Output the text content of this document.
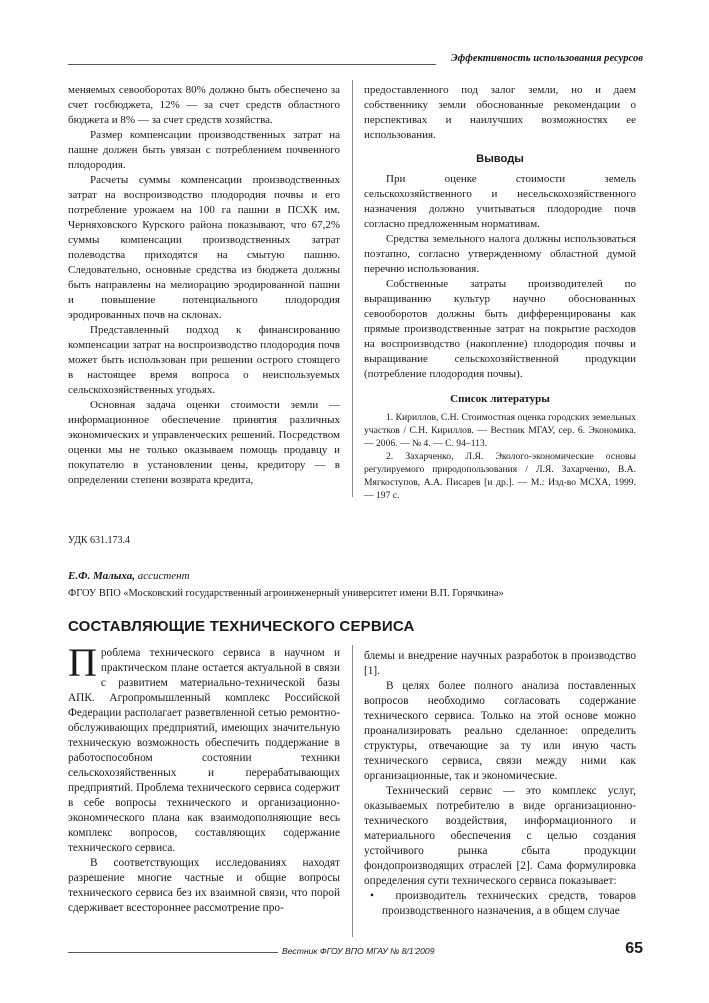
Эффективность использования ресурсов

меняемых севооборотах 80% должно быть обеспечено за счет госбюджета, 12% — за счет средств областного бюджета и 8% — за счет средств хозяйства.

Размер компенсации производственных затрат на пашне должен быть увязан с потреблением почвенного плодородия.

Расчеты суммы компенсации производственных затрат на воспроизводство плодородия почвы и его потребление урожаем на 100 га пашни в ПСХК им. Черняховского Курского района показывают, что 67,2% суммы компенсации производственных затрат полеводства приходятся на смытую пашню. Следовательно, основные средства из бюджета должны быть направлены на мелиорацию эродированной пашни и повышение потенциального плодородия эродированных почв на склонах.

Представленный подход к финансированию компенсации затрат на воспроизводство плодородия почв может быть использован при решении острого стоящего в настоящее время вопроса о неиспользуемых сельскохозяйственных угодьях.

Основная задача оценки стоимости земли — информационное обеспечение принятия различных экономических и управленческих решений. Посредством оценки мы не только оказываем помощь продавцу и покупателю в установлении цены, кредитору — в определении степени возврата кредита,

предоставленного под залог земли, но и даем собственнику земли обоснованные рекомендации о перспективах и наилучших возможностях ее использования.

Выводы

При оценке стоимости земель сельскохозяйственного и несельскохозяйственного назначения должно учитываться плодородие почв согласно предложенным нормативам.

Средства земельного налога должны использоваться поэтапно, согласно утвержденному областной думой перечню использования.

Собственные затраты производителей по выращиванию культур научно обоснованных севооборотов должны быть дифференцированы как прямые производственные затрат на покрытие расходов на воспроизводство (накопление) плодородия почвы и выращивание сельскохозяйственной продукции (потребление плодородия почвы).

Список литературы

1. Кириллов, С.Н. Стоимостная оценка городских земельных участков / С.Н. Кириллов. — Вестник МГАУ, сер. 6. Экономика. — 2006. — № 4. — С. 94–113.

2. Захарченко, Л.Я. Эколого-экономические основы регулируемого природопользования / Л.Я. Захарченко, В.А. Мягкоступов, А.А. Писарев [и др.]. — М.: Изд-во МСХА, 1999. — 197 с.

УДК 631.173.4
Е.Ф. Малыха, ассистент
ФГОУ ВПО «Московский государственный агроинженерный университет имени В.П. Горячкина»
СОСТАВЛЯЮЩИЕ ТЕХНИЧЕСКОГО СЕРВИСА

Проблема технического сервиса в научном и практическом плане остается актуальной в связи с развитием материально-технической базы АПК. Агропромышленный комплекс Российской Федерации располагает разветвленной сетью ремонтно-обслуживающих предприятий, имеющих значительную техническую возможность обеспечить поддержание в работоспособном состоянии техники сельскохозяйственных и перерабатывающих предприятий. Проблема технического сервиса содержит в себе вопросы технического и организационно-экономического плана как взаимодополняющие весь комплекс вопросов, составляющих содержание технического сервиса.

В соответствующих исследованиях находят разрешение многие частные и общие вопросы технического сервиса без их взаимной связи, что порой сдерживает всестороннее рассмотрение про-

блемы и внедрение научных разработок в производство [1].

В целях более полного анализа поставленных вопросов необходимо согласовать содержание технического сервиса. Только на этой основе можно проанализировать реально сделанное: определить структуры, отвечающие за ту или иную часть технического сервиса, связи между ними как организационные, так и экономические.

Технический сервис — это комплекс услуг, оказываемых потребителю в виде организационно-технического воздействия, информационного и материального обеспечения с целью создания устойчивого рынка сбыта продукции фондопроизводящих отраслей [2]. Сама формулировка определения сути технического сервиса показывает:

•  производитель технических средств, товаров производственного назначения, а в общем случае

Вестник ФГОУ ВПО МГАУ № 8/1'2009	65
